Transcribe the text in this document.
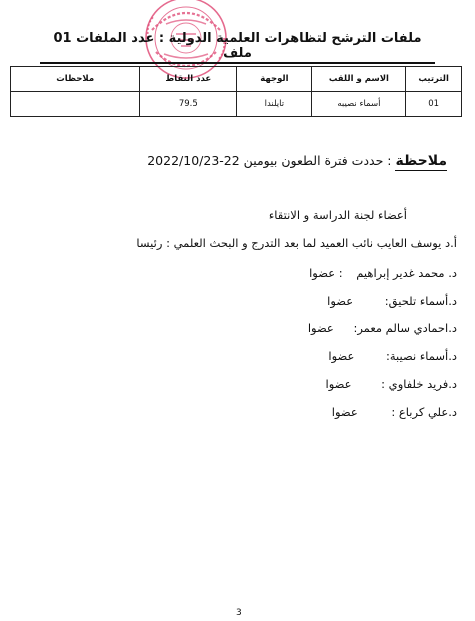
ملفات الترشح لتظاهرات العلمية الدولية : عدد الملفات 01 ملف
الترتيب	الاسم و اللقب	الوجهة	عدد النقاط	ملاحظات
01	أسماء نصيبه	تايلندا	79.5	
ملاحظة : حددت فترة الطعون بيومين 22-2022/10/23
أعضاء لجنة الدراسة و الانتقاء
أ.د يوسف العايب نائب العميد لما بعد التدرج و البحث العلمي : رئيسا
د. محمد غدير إبراهيم : عضوا
د.أسماء تلحيق: عضوا
د.احمادي سالم معمر: عضوا
د.أسماء نصيبة: عضوا
د.فريد خلفاوي : عضوا
د.علي كرباع : عضوا
3
